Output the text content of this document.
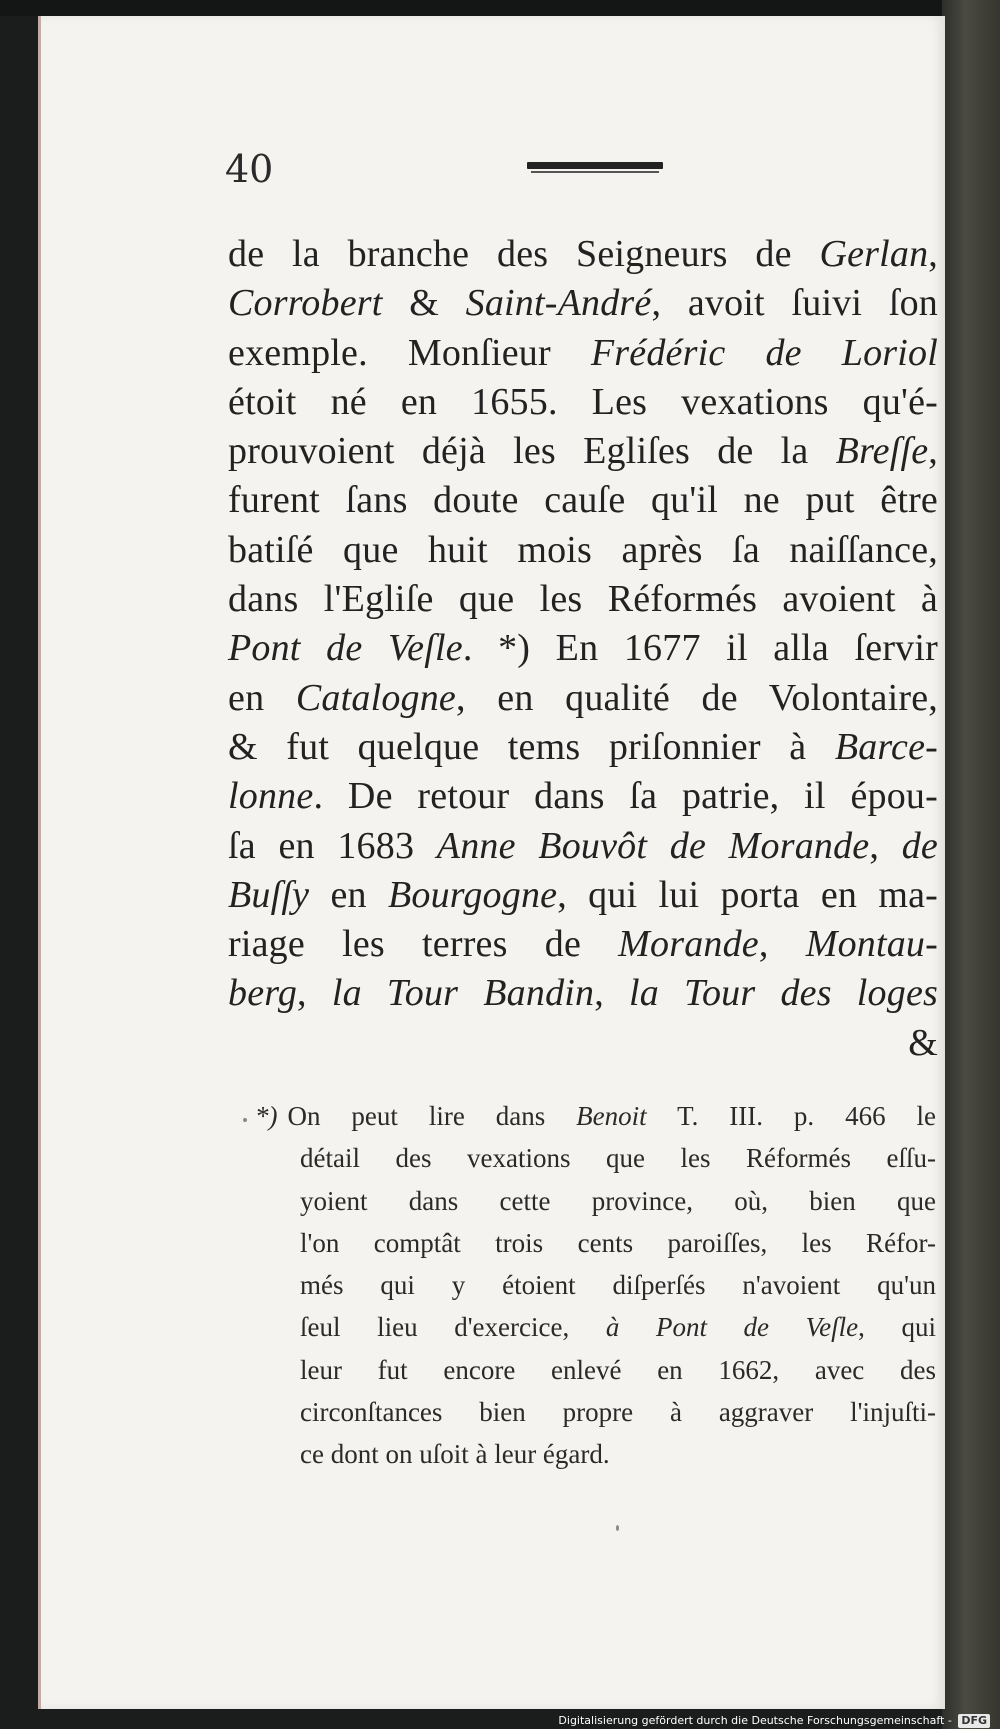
40

de la branche des Seigneurs de Gerlan,
Corrobert & Saint-André, avoit ſuivi ſon
exemple. Monſieur Frédéric de Loriol
étoit né en 1655. Les vexations qu'é-
prouvoient déjà les Egliſes de la Breſſe,
furent ſans doute cauſe qu'il ne put être
batiſé que huit mois après ſa naiſſance,
dans l'Egliſe que les Réformés avoient à
Pont de Veſle. *) En 1677 il alla ſervir
en Catalogne, en qualité de Volontaire,
& fut quelque tems priſonnier à Barce-
lonne. De retour dans ſa patrie, il épou-
ſa en 1683 Anne Bouvôt de Morande, de
Buſſy en Bourgogne, qui lui porta en ma-
riage les terres de Morande, Montau-
berg, la Tour Bandin, la Tour des loges
&
*) On peut lire dans Benoit T. III. p. 466 le
détail des vexations que les Réformés eſſu-
yoient dans cette province, où, bien que
l'on comptât trois cents paroiſſes, les Réfor-
més qui y étoient diſperſés n'avoient qu'un
ſeul lieu d'exercice, à Pont de Veſle, qui
leur fut encore enlevé en 1662, avec des
circonſtances bien propre à aggraver l'injuſti-
ce dont on uſoit à leur égard.

Digitalisierung gefördert durch die Deutsche Forschungsgemeinschaft - DFG
